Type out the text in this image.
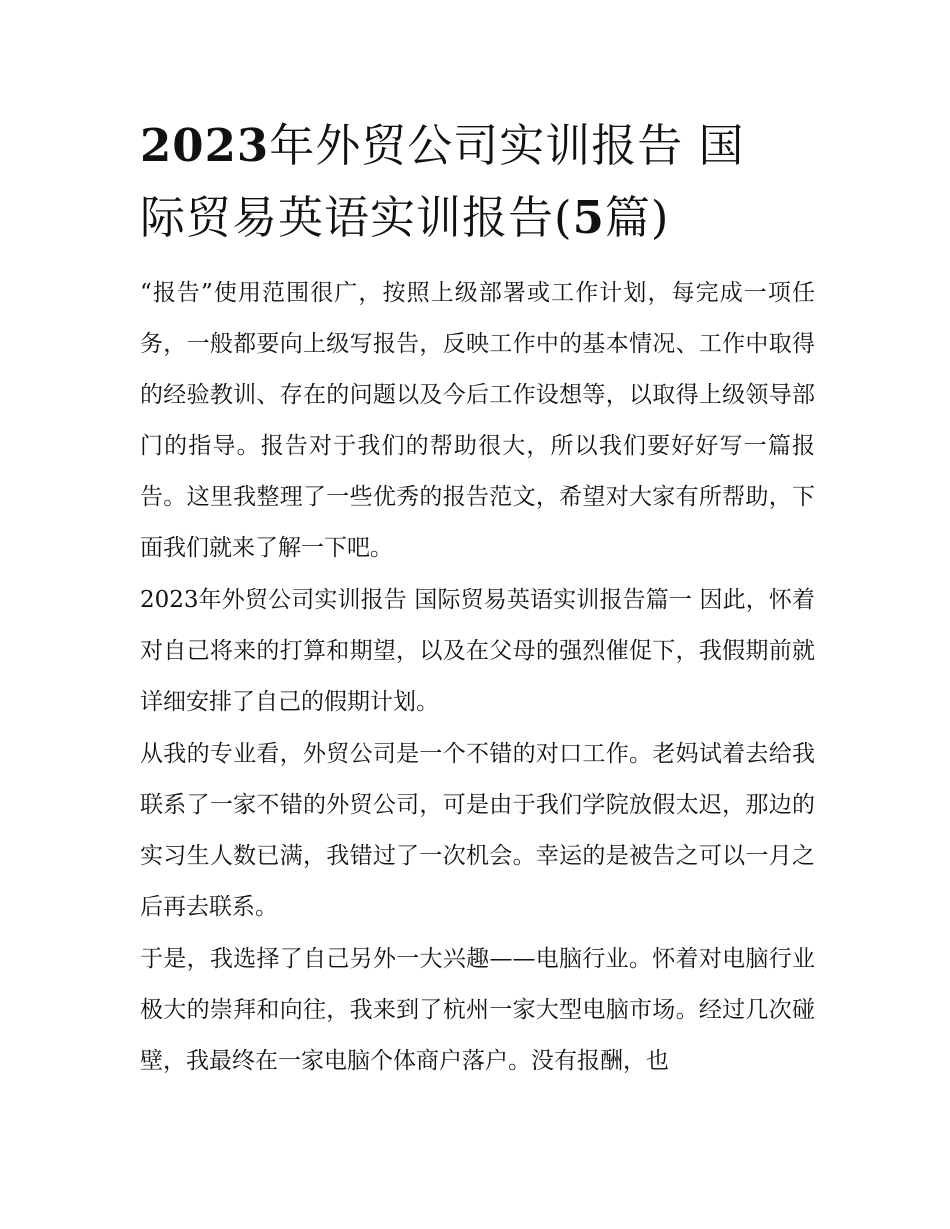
2023年外贸公司实训报告 国
际贸易英语实训报告(5篇)

“报告”使用范围很广，按照上级部署或工作计划，每完成一项任务，一般都要向上级写报告，反映工作中的基本情况、工作中取得的经验教训、存在的问题以及今后工作设想等，以取得上级领导部门的指导。报告对于我们的帮助很大，所以我们要好好写一篇报告。这里我整理了一些优秀的报告范文，希望对大家有所帮助，下面我们就来了解一下吧。

2023年外贸公司实训报告 国际贸易英语实训报告篇一 因此，怀着对自己将来的打算和期望，以及在父母的强烈催促下，我假期前就详细安排了自己的假期计划。

从我的专业看，外贸公司是一个不错的对口工作。老妈试着去给我联系了一家不错的外贸公司，可是由于我们学院放假太迟，那边的实习生人数已满，我错过了一次机会。幸运的是被告之可以一月之后再去联系。

于是，我选择了自己另外一大兴趣——电脑行业。怀着对电脑行业极大的崇拜和向往，我来到了杭州一家大型电脑市场。经过几次碰壁，我最终在一家电脑个体商户落户。没有报酬，也
